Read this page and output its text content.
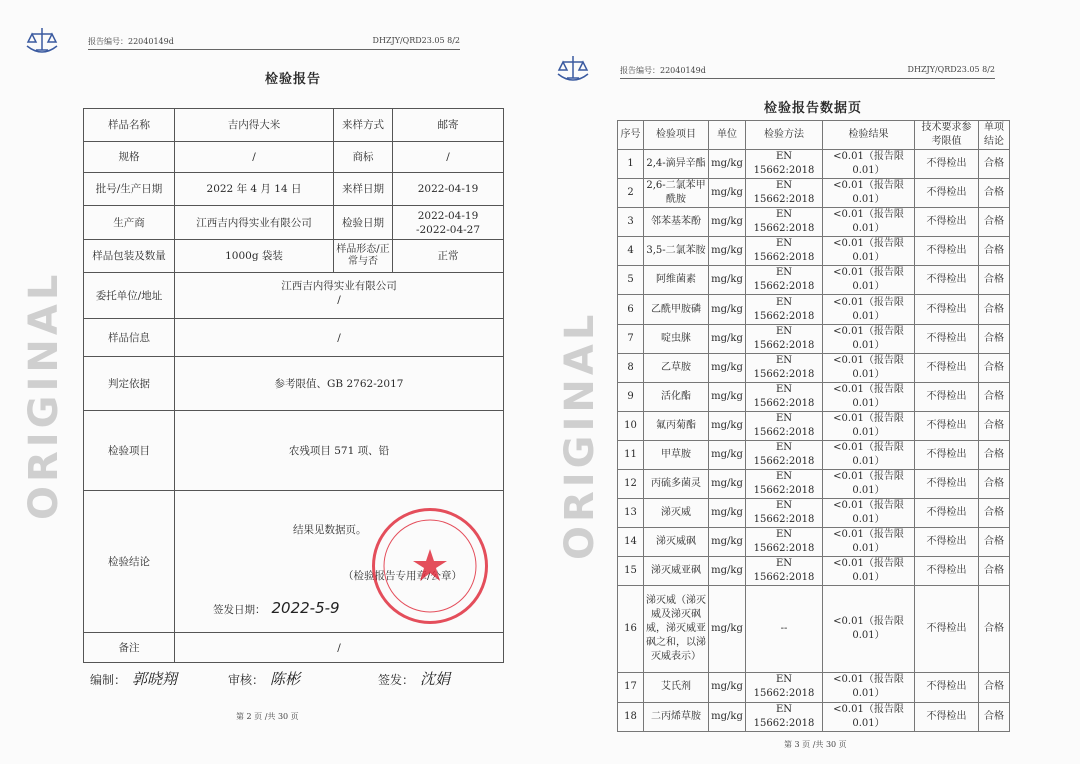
报告编号：22040149d	DHZJY/QRD23.05 8/2
检验报告
样品名称	吉内得大米	来样方式	邮寄
规格	/	商标	/
批号/生产日期	2022 年 4 月 14 日	来样日期	2022-04-19
生产商	江西吉内得实业有限公司	检验日期	2022-04-19
-2022-04-27

样品包装及数量	1000g 袋装	样品形态/正常与否	正常
委托单位/地址	江西吉内得实业有限公司
/		

样品信息	/		
判定依据	参考限值、GB 2762-2017		
检验项目	农残项目 571 项、铅		
检验结论	结果见数据页。
（检验报告专用章/公章）
签发日期： 2022-5-9		

备注	/		
编制： 郭晓翔	审核： 陈彬	签发： 沈娟
第 2 页 /共 30 页
ORIGINAL
报告编号：22040149d	DHZJY/QRD23.05 8/2
检验报告数据页
序号	检验项目	单位	检验方法	检验结果	技术要求参考限值	单项结论
1	2,4-滴异辛酯	mg/kg	EN 15662:2018	<0.01（报告限0.01）	不得检出	合格
2	2,6-二氯苯甲酰胺	mg/kg	EN 15662:2018	<0.01（报告限0.01）	不得检出	合格
3	邻苯基苯酚	mg/kg	EN 15662:2018	<0.01（报告限0.01）	不得检出	合格
4	3,5-二氯苯胺	mg/kg	EN 15662:2018	<0.01（报告限0.01）	不得检出	合格
5	阿维菌素	mg/kg	EN 15662:2018	<0.01（报告限0.01）	不得检出	合格
6	乙酰甲胺磷	mg/kg	EN 15662:2018	<0.01（报告限0.01）	不得检出	合格
7	啶虫脒	mg/kg	EN 15662:2018	<0.01（报告限0.01）	不得检出	合格
8	乙草胺	mg/kg	EN 15662:2018	<0.01（报告限0.01）	不得检出	合格
9	活化酯	mg/kg	EN 15662:2018	<0.01（报告限0.01）	不得检出	合格
10	氟丙菊酯	mg/kg	EN 15662:2018	<0.01（报告限0.01）	不得检出	合格
11	甲草胺	mg/kg	EN 15662:2018	<0.01（报告限0.01）	不得检出	合格
12	丙硫多菌灵	mg/kg	EN 15662:2018	<0.01（报告限0.01）	不得检出	合格
13	涕灭威	mg/kg	EN 15662:2018	<0.01（报告限0.01）	不得检出	合格
14	涕灭威砜	mg/kg	EN 15662:2018	<0.01（报告限0.01）	不得检出	合格
15	涕灭威亚砜	mg/kg	EN 15662:2018	<0.01（报告限0.01）	不得检出	合格
16	涕灭威（涕灭威及涕灭砜威，涕灭威亚砜之和，以涕灭威表示）	mg/kg	--	<0.01（报告限0.01）	不得检出	合格
17	艾氏剂	mg/kg	EN 15662:2018	<0.01（报告限0.01）	不得检出	合格
18	二丙烯草胺	mg/kg	EN 15662:2018	<0.01（报告限0.01）	不得检出	合格
第 3 页 /共 30 页
ORIGINAL
